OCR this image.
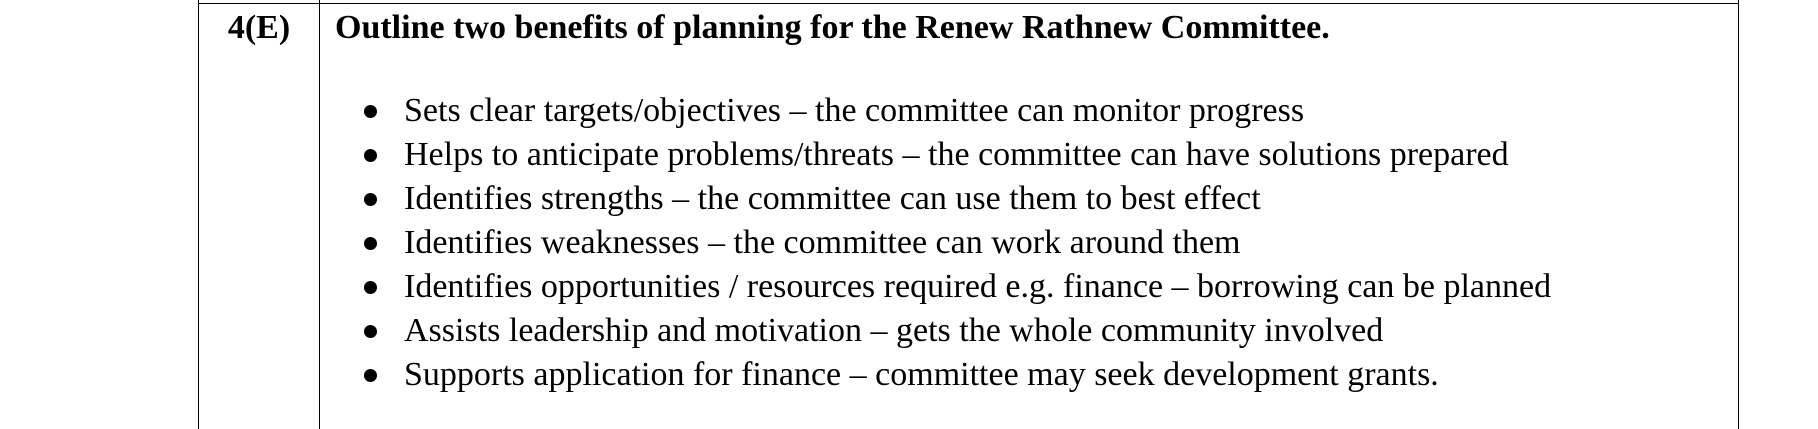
4(E)	Outline two benefits of planning for the Renew Rathnew Committee.
Sets clear targets/objectives – the committee can monitor progress
Helps to anticipate problems/threats – the committee can have solutions prepared
Identifies strengths – the committee can use them to best effect
Identifies weaknesses – the committee can work around them
Identifies opportunities / resources required e.g. finance – borrowing can be planned
Assists leadership and motivation – gets the whole community involved
Supports application for finance – committee may seek development grants.
